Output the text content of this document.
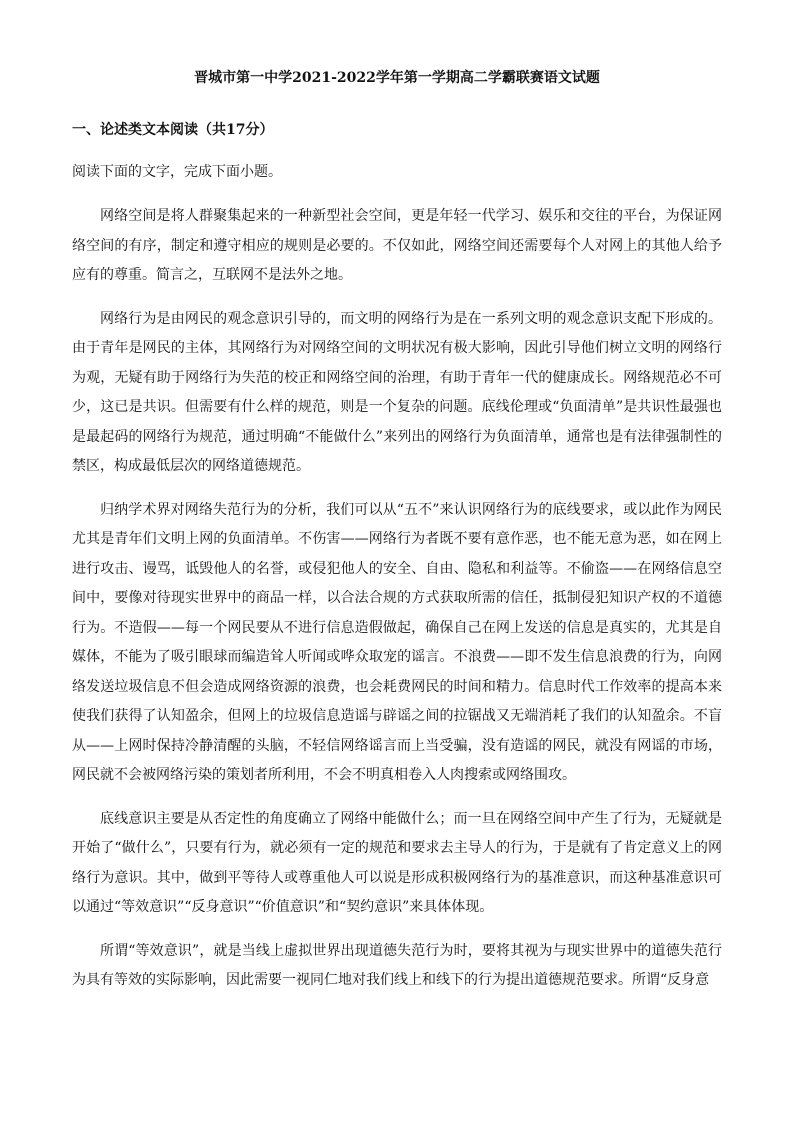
晋城市第一中学2021-2022学年第一学期高二学霸联赛语文试题
一、论述类文本阅读（共17分）
阅读下面的文字，完成下面小题。

网络空间是将人群聚集起来的一种新型社会空间，更是年轻一代学习、娱乐和交往的平台，为保证网络空间的有序，制定和遵守相应的规则是必要的。不仅如此，网络空间还需要每个人对网上的其他人给予应有的尊重。简言之，互联网不是法外之地。

网络行为是由网民的观念意识引导的，而文明的网络行为是在一系列文明的观念意识支配下形成的。由于青年是网民的主体，其网络行为对网络空间的文明状况有极大影响，因此引导他们树立文明的网络行为观，无疑有助于网络行为失范的校正和网络空间的治理，有助于青年一代的健康成长。网络规范必不可少，这已是共识。但需要有什么样的规范，则是一个复杂的问题。底线伦理或“负面清单”是共识性最强也是最起码的网络行为规范，通过明确“不能做什么”来列出的网络行为负面清单，通常也是有法律强制性的禁区，构成最低层次的网络道德规范。

归纳学术界对网络失范行为的分析，我们可以从“五不”来认识网络行为的底线要求，或以此作为网民尤其是青年们文明上网的负面清单。不伤害——网络行为者既不要有意作恶，也不能无意为恶，如在网上进行攻击、谩骂，诋毁他人的名誉，或侵犯他人的安全、自由、隐私和利益等。不偷盗——在网络信息空间中，要像对待现实世界中的商品一样，以合法合规的方式获取所需的信任，抵制侵犯知识产权的不道德行为。不造假——每一个网民要从不进行信息造假做起，确保自己在网上发送的信息是真实的，尤其是自媒体，不能为了吸引眼球而编造耸人听闻或哗众取宠的谣言。不浪费——即不发生信息浪费的行为，向网络发送垃圾信息不但会造成网络资源的浪费，也会耗费网民的时间和精力。信息时代工作效率的提高本来使我们获得了认知盈余，但网上的垃圾信息造谣与辟谣之间的拉锯战又无端消耗了我们的认知盈余。不盲从——上网时保持冷静清醒的头脑，不轻信网络谣言而上当受骗，没有造谣的网民，就没有网谣的市场，网民就不会被网络污染的策划者所利用，不会不明真相卷入人肉搜索或网络围攻。

底线意识主要是从否定性的角度确立了网络中能做什么；而一旦在网络空间中产生了行为，无疑就是开始了“做什么”，只要有行为，就必须有一定的规范和要求去主导人的行为，于是就有了肯定意义上的网络行为意识。其中，做到平等待人或尊重他人可以说是形成积极网络行为的基准意识，而这种基准意识可以通过“等效意识”“反身意识”“价值意识”和“契约意识”来具体体现。

所谓“等效意识”，就是当线上虚拟世界出现道德失范行为时，要将其视为与现实世界中的道德失范行为具有等效的实际影响，因此需要一视同仁地对我们线上和线下的行为提出道德规范要求。所谓“反身意
